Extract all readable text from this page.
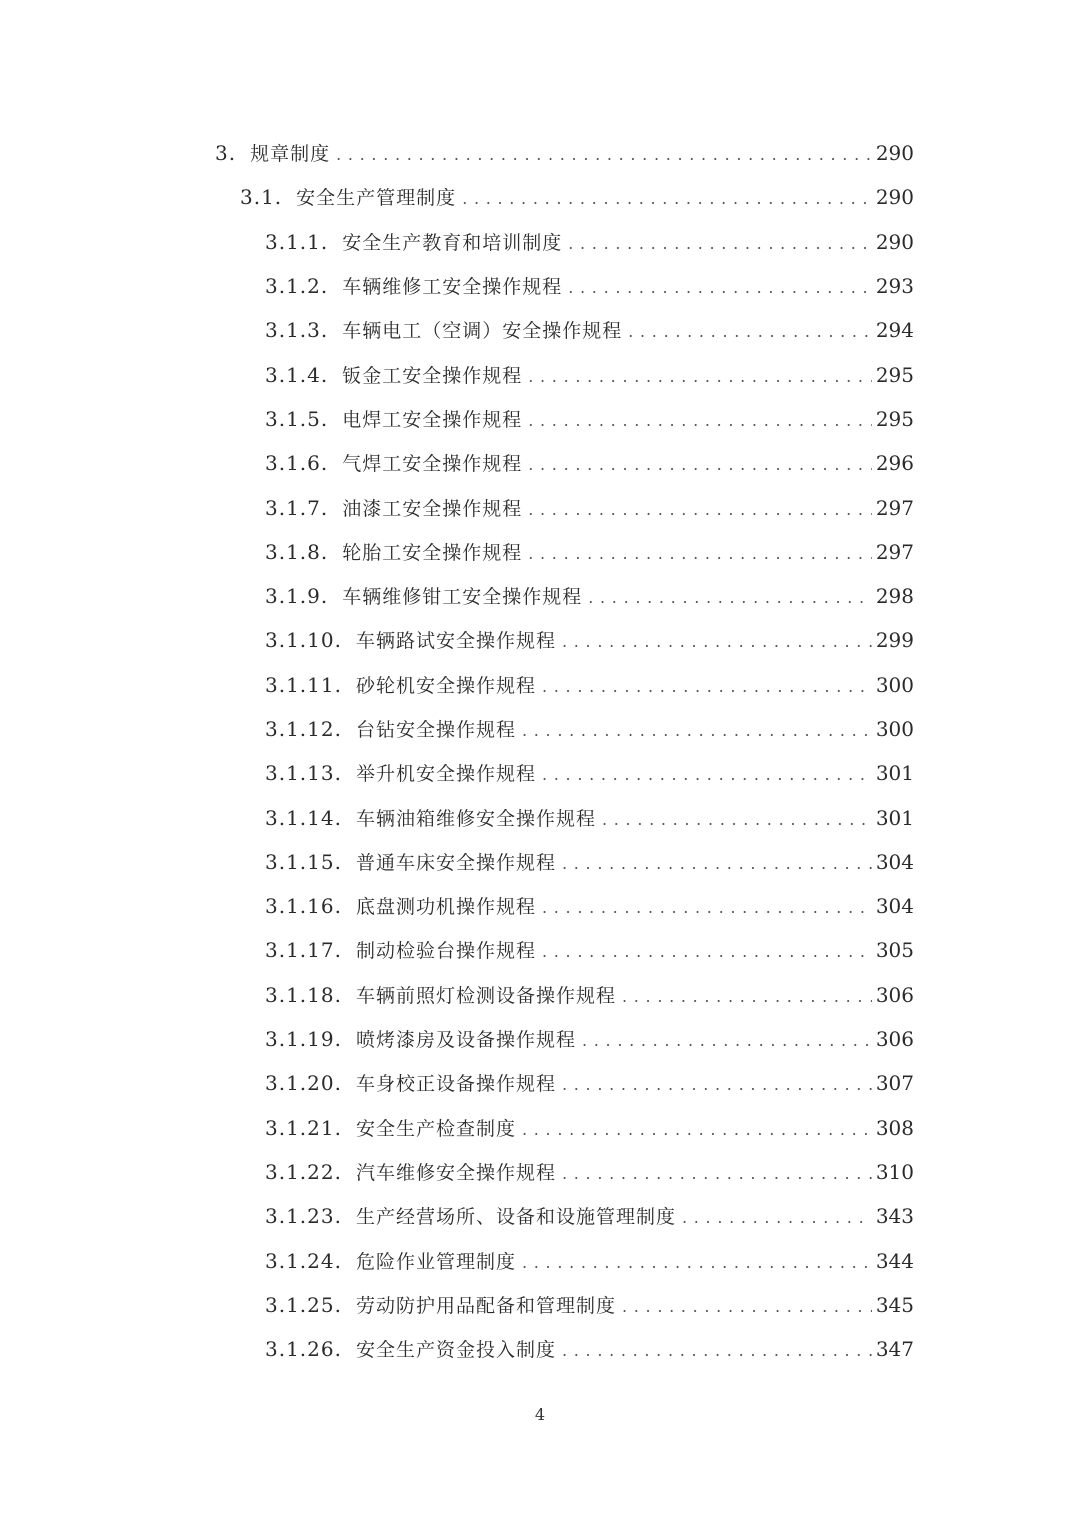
3. 规章制度 . . .	290
3.1. 安全生产管理制度 . . .	290
3.1.1. 安全生产教育和培训制度 . . .	290
3.1.2. 车辆维修工安全操作规程 . . .	293
3.1.3. 车辆电工（空调）安全操作规程 . . .	294
3.1.4. 钣金工安全操作规程 . . .	295
3.1.5. 电焊工安全操作规程 . . .	295
3.1.6. 气焊工安全操作规程 . . .	296
3.1.7. 油漆工安全操作规程 . . .	297
3.1.8. 轮胎工安全操作规程 . . .	297
3.1.9. 车辆维修钳工安全操作规程 . . .	298
3.1.10. 车辆路试安全操作规程 . . .	299
3.1.11. 砂轮机安全操作规程 . . .	300
3.1.12. 台钻安全操作规程 . . .	300
3.1.13. 举升机安全操作规程 . . .	301
3.1.14. 车辆油箱维修安全操作规程 . . .	301
3.1.15. 普通车床安全操作规程 . . .	304
3.1.16. 底盘测功机操作规程 . . .	304
3.1.17. 制动检验台操作规程 . . .	305
3.1.18. 车辆前照灯检测设备操作规程 . . .	306
3.1.19. 喷烤漆房及设备操作规程 . . .	306
3.1.20. 车身校正设备操作规程 . . .	307
3.1.21. 安全生产检查制度 . . .	308
3.1.22. 汽车维修安全操作规程 . . .	310
3.1.23. 生产经营场所、设备和设施管理制度 . . .	343
3.1.24. 危险作业管理制度 . . .	344
3.1.25. 劳动防护用品配备和管理制度 . . .	345
3.1.26. 安全生产资金投入制度 . . .	347
4
